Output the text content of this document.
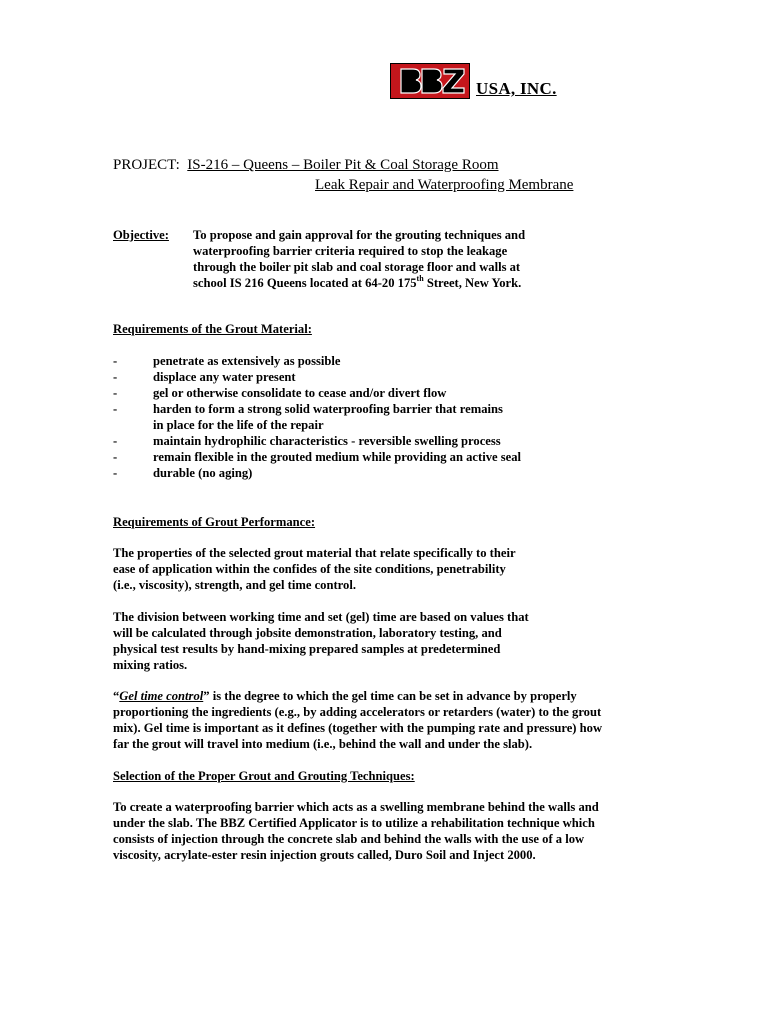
USA, INC.
PROJECT: IS-216 – Queens – Boiler Pit & Coal Storage Room
Leak Repair and Waterproofing Membrane
Objective: To propose and gain approval for the grouting techniques and
waterproofing barrier criteria required to stop the leakage
through the boiler pit slab and coal storage floor and walls at
school IS 216 Queens located at 64-20 175th Street, New York.
Requirements of the Grout Material:
-	penetrate as extensively as possible
-	displace any water present
-	gel or otherwise consolidate to cease and/or divert flow
-	harden to form a strong solid waterproofing barrier that remains
in place for the life of the repair
-	maintain hydrophilic characteristics - reversible swelling process
-	remain flexible in the grouted medium while providing an active seal
-	durable (no aging)
Requirements of Grout Performance:
The properties of the selected grout material that relate specifically to their
ease of application within the confides of the site conditions, penetrability
(i.e., viscosity), strength, and gel time control.
The division between working time and set (gel) time are based on values that
will be calculated through jobsite demonstration, laboratory testing, and
physical test results by hand-mixing prepared samples at predetermined
mixing ratios.
“Gel time control” is the degree to which the gel time can be set in advance by properly
proportioning the ingredients (e.g., by adding accelerators or retarders (water) to the grout
mix). Gel time is important as it defines (together with the pumping rate and pressure) how
far the grout will travel into medium (i.e., behind the wall and under the slab).
Selection of the Proper Grout and Grouting Techniques:
To create a waterproofing barrier which acts as a swelling membrane behind the walls and
under the slab. The BBZ Certified Applicator is to utilize a rehabilitation technique which
consists of injection through the concrete slab and behind the walls with the use of a low
viscosity, acrylate-ester resin injection grouts called, Duro Soil and Inject 2000.
